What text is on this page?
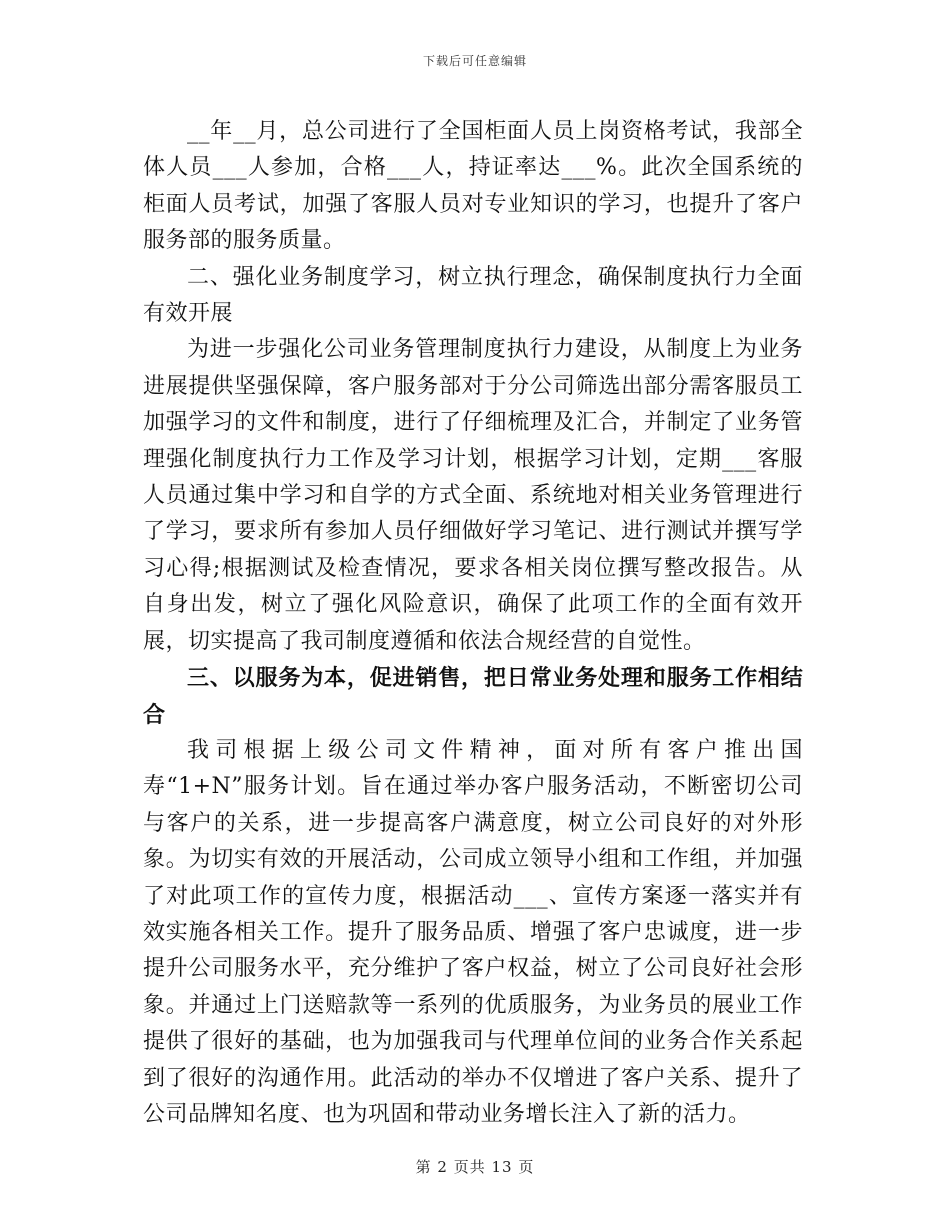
下载后可任意编辑

__年__月，总公司进行了全国柜面人员上岗资格考试，我部全体人员___人参加，合格___人，持证率达___%。此次全国系统的柜面人员考试，加强了客服人员对专业知识的学习，也提升了客户服务部的服务质量。

二、强化业务制度学习，树立执行理念，确保制度执行力全面有效开展

为进一步强化公司业务管理制度执行力建设，从制度上为业务进展提供坚强保障，客户服务部对于分公司筛选出部分需客服员工加强学习的文件和制度，进行了仔细梳理及汇合，并制定了业务管理强化制度执行力工作及学习计划，根据学习计划，定期___客服人员通过集中学习和自学的方式全面、系统地对相关业务管理进行了学习，要求所有参加人员仔细做好学习笔记、进行测试并撰写学习心得;根据测试及检查情况，要求各相关岗位撰写整改报告。从自身出发，树立了强化风险意识，确保了此项工作的全面有效开展，切实提高了我司制度遵循和依法合规经营的自觉性。

三、以服务为本，促进销售，把日常业务处理和服务工作相结合

我司根据上级公司文件精神，面对所有客户推出国寿“1+N”服务计划。旨在通过举办客户服务活动，不断密切公司与客户的关系，进一步提高客户满意度，树立公司良好的对外形象。为切实有效的开展活动，公司成立领导小组和工作组，并加强了对此项工作的宣传力度，根据活动___、宣传方案逐一落实并有效实施各相关工作。提升了服务品质、增强了客户忠诚度，进一步提升公司服务水平，充分维护了客户权益，树立了公司良好社会形象。并通过上门送赔款等一系列的优质服务，为业务员的展业工作提供了很好的基础，也为加强我司与代理单位间的业务合作关系起到了很好的沟通作用。此活动的举办不仅增进了客户关系、提升了公司品牌知名度、也为巩固和带动业务增长注入了新的活力。

第 2 页共 13 页
